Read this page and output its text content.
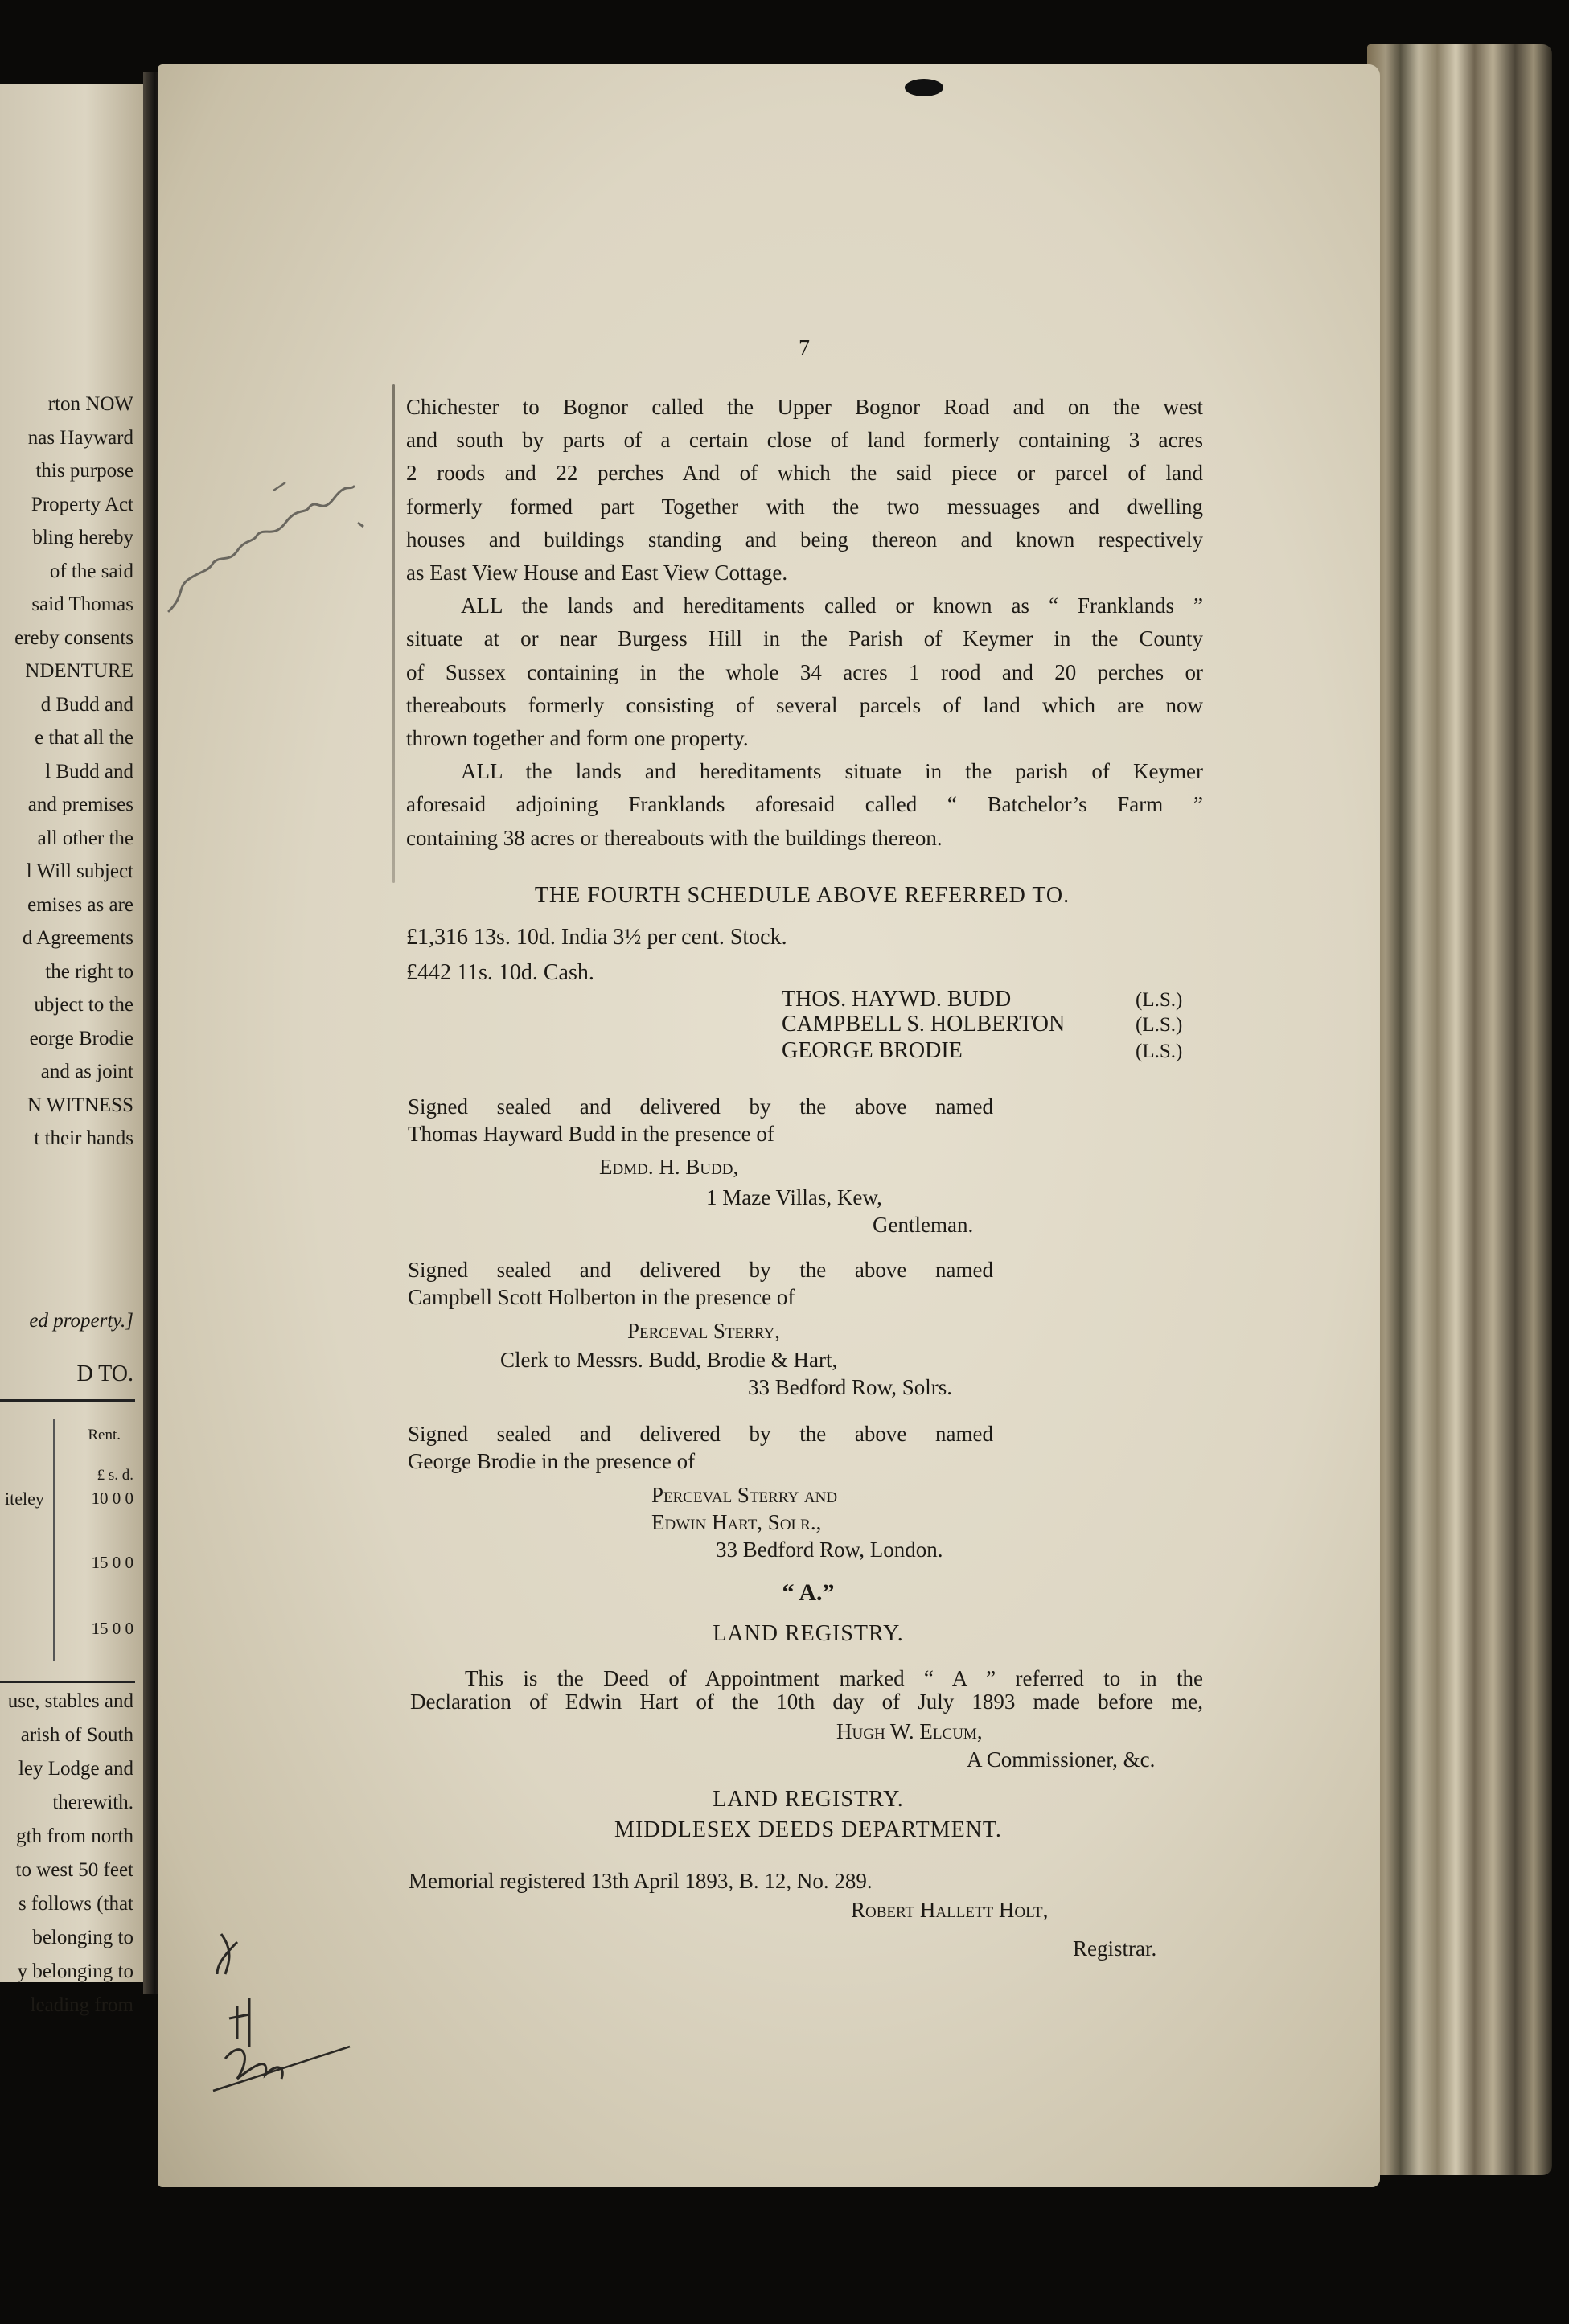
rton NOW
nas Hayward
this purpose
Property Act
bling hereby
of the said
said Thomas
ereby consents
NDENTURE
d Budd and
e that all the
l Budd and
and premises
all other the
l Will subject
emises as are
d Agreements
the right to
ubject to the
eorge Brodie
and as joint
N WITNESS
t their hands
ed property.]
D TO.
Rent.
£ s. d.
iteley	10 0 0
15 0 0
15 0 0
use, stables and
arish of South
ley Lodge and
therewith.
gth from north
to west 50 feet
s follows (that
belonging to
y belonging to
leading from
7
Chichester to Bognor called the Upper Bognor Road and on the west
and south by parts of a certain close of land formerly containing 3 acres
2 roods and 22 perches And of which the said piece or parcel of land
formerly formed part Together with the two messuages and dwelling
houses and buildings standing and being thereon and known respectively
as East View House and East View Cottage.
ALL the lands and hereditaments called or known as “ Franklands ”
situate at or near Burgess Hill in the Parish of Keymer in the County
of Sussex containing in the whole 34 acres 1 rood and 20 perches or
thereabouts formerly consisting of several parcels of land which are now
thrown together and form one property.
ALL the lands and hereditaments situate in the parish of Keymer
aforesaid adjoining Franklands aforesaid called “ Batchelor’s Farm ”
containing 38 acres or thereabouts with the buildings thereon.
THE FOURTH SCHEDULE ABOVE REFERRED TO.
£1,316 13s. 10d. India 3½ per cent. Stock.
£442 11s. 10d. Cash.
THOS. HAYWD. BUDD	(L.S.)
CAMPBELL S. HOLBERTON	(L.S.)
GEORGE BRODIE	(L.S.)
Signed sealed and delivered by the above named
Thomas Hayward Budd in the presence of
Edmd. H. Budd,
1 Maze Villas, Kew,
Gentleman.
Signed sealed and delivered by the above named
Campbell Scott Holberton in the presence of
Perceval Sterry,
Clerk to Messrs. Budd, Brodie & Hart,
33 Bedford Row, Solrs.
Signed sealed and delivered by the above named
George Brodie in the presence of
Perceval Sterry and
Edwin Hart, Solr.,
33 Bedford Row, London.
“ A.”
LAND REGISTRY.
This is the Deed of Appointment marked “ A ” referred to in the
Declaration of Edwin Hart of the 10th day of July 1893 made before me,
Hugh W. Elcum,
A Commissioner, &c.
LAND REGISTRY.
MIDDLESEX DEEDS DEPARTMENT.
Memorial registered 13th April 1893, B. 12, No. 289.
Robert Hallett Holt,
Registrar.
